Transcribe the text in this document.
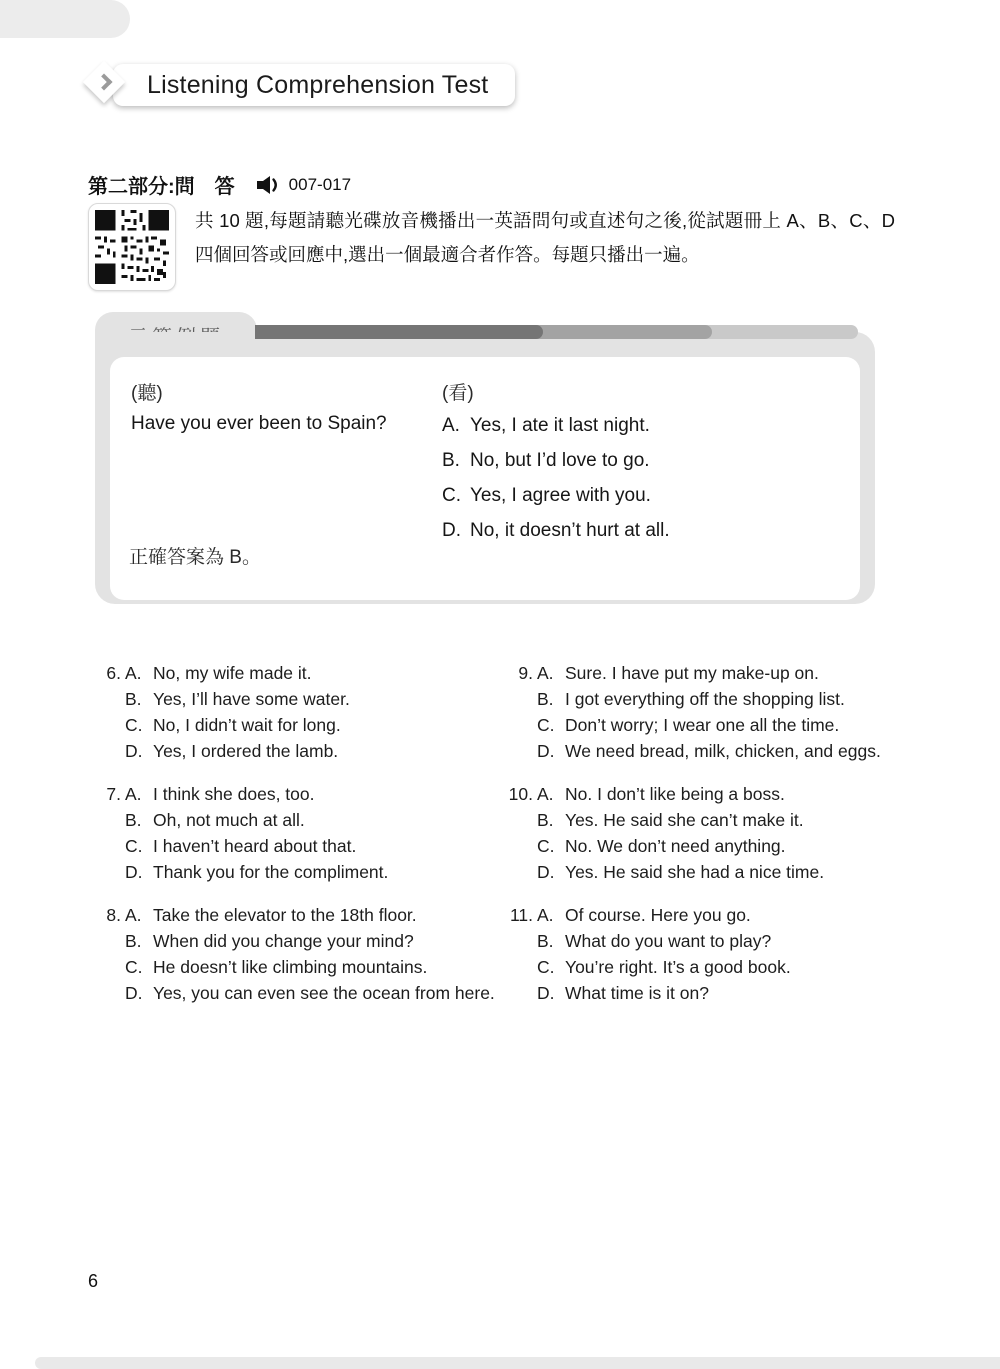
Listening Comprehension Test
第二部分:問　答	007-017
共 10 題,每題請聽光碟放音機播出一英語問句或直述句之後,從試題冊上 A、B、C、D 四個回答或回應中,選出一個最適合者作答。每題只播出一遍。
(聽)	(看)
Have you ever been to Spain?	A. Yes, I ate it last night.
B. No, but I’d love to go.
C. Yes, I agree with you.
D. No, it doesn’t hurt at all.
正確答案為 B。
6. A. No, my wife made it.
B. Yes, I’ll have some water.
C. No, I didn’t wait for long.
D. Yes, I ordered the lamb.
7. A. I think she does, too.
B. Oh, not much at all.
C. I haven’t heard about that.
D. Thank you for the compliment.
8. A. Take the elevator to the 18th floor.
B. When did you change your mind?
C. He doesn’t like climbing mountains.
D. Yes, you can even see the ocean from here.
9. A. Sure. I have put my make-up on.
B. I got everything off the shopping list.
C. Don’t worry; I wear one all the time.
D. We need bread, milk, chicken, and eggs.
10. A. No. I don’t like being a boss.
B. Yes. He said she can’t make it.
C. No. We don’t need anything.
D. Yes. He said she had a nice time.
11. A. Of course. Here you go.
B. What do you want to play?
C. You’re right. It’s a good book.
D. What time is it on?
6
